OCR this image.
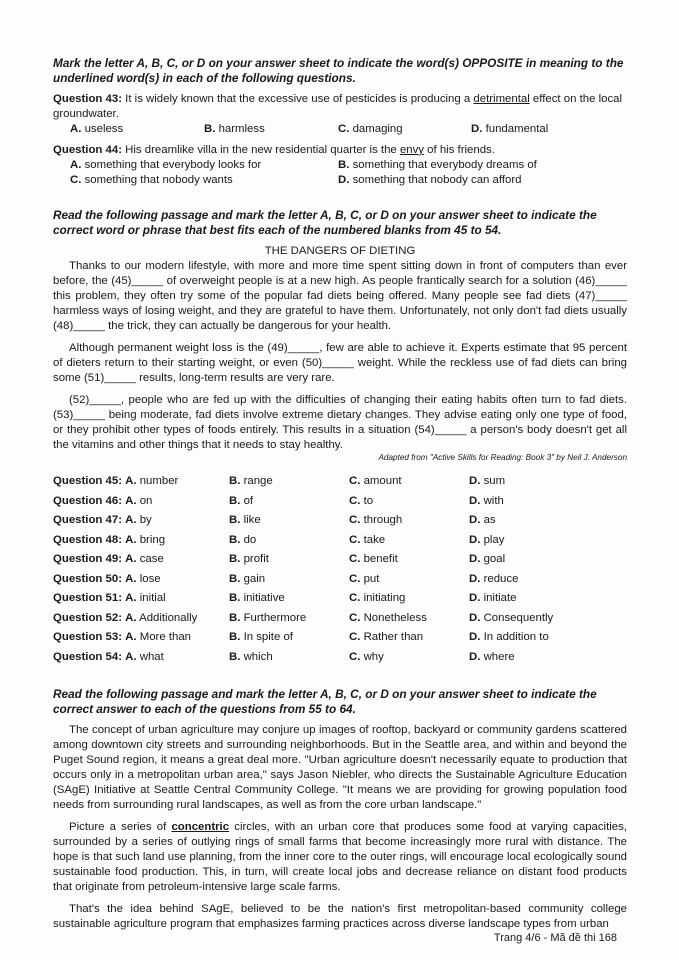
Mark the letter A, B, C, or D on your answer sheet to indicate the word(s) OPPOSITE in meaning to the underlined word(s) in each of the following questions.

Question 43: It is widely known that the excessive use of pesticides is producing a detrimental effect on the local groundwater.

A. useless	B. harmless	C. damaging	D. fundamental

Question 44: His dreamlike villa in the new residential quarter is the envy of his friends.

A. something that everybody looks for	B. something that everybody dreams of
C. something that nobody wants	D. something that nobody can afford

Read the following passage and mark the letter A, B, C, or D on your answer sheet to indicate the correct word or phrase that best fits each of the numbered blanks from 45 to 54.

THE DANGERS OF DIETING

Thanks to our modern lifestyle, with more and more time spent sitting down in front of computers than ever before, the (45)_____ of overweight people is at a new high. As people frantically search for a solution (46)_____ this problem, they often try some of the popular fad diets being offered. Many people see fad diets (47)_____ harmless ways of losing weight, and they are grateful to have them. Unfortunately, not only don't fad diets usually (48)_____ the trick, they can actually be dangerous for your health.

Although permanent weight loss is the (49)_____, few are able to achieve it. Experts estimate that 95 percent of dieters return to their starting weight, or even (50)_____ weight. While the reckless use of fad diets can bring some (51)_____ results, long-term results are very rare.

(52)_____, people who are fed up with the difficulties of changing their eating habits often turn to fad diets. (53)_____ being moderate, fad diets involve extreme dietary changes. They advise eating only one type of food, or they prohibit other types of foods entirely. This results in a situation (54)_____ a person's body doesn't get all the vitamins and other things that it needs to stay healthy.

Adapted from "Active Skills for Reading: Book 3" by Neil J. Anderson

Question 45: A. number	B. range	C. amount	D. sum
Question 46: A. on	B. of	C. to	D. with
Question 47: A. by	B. like	C. through	D. as
Question 48: A. bring	B. do	C. take	D. play
Question 49: A. case	B. profit	C. benefit	D. goal
Question 50: A. lose	B. gain	C. put	D. reduce
Question 51: A. initial	B. initiative	C. initiating	D. initiate
Question 52: A. Additionally	B. Furthermore	C. Nonetheless	D. Consequently
Question 53: A. More than	B. In spite of	C. Rather than	D. In addition to
Question 54: A. what	B. which	C. why	D. where

Read the following passage and mark the letter A, B, C, or D on your answer sheet to indicate the correct answer to each of the questions from 55 to 64.

The concept of urban agriculture may conjure up images of rooftop, backyard or community gardens scattered among downtown city streets and surrounding neighborhoods. But in the Seattle area, and within and beyond the Puget Sound region, it means a great deal more. "Urban agriculture doesn't necessarily equate to production that occurs only in a metropolitan urban area," says Jason Niebler, who directs the Sustainable Agriculture Education (SAgE) Initiative at Seattle Central Community College. "It means we are providing for growing population food needs from surrounding rural landscapes, as well as from the core urban landscape."

Picture a series of concentric circles, with an urban core that produces some food at varying capacities, surrounded by a series of outlying rings of small farms that become increasingly more rural with distance. The hope is that such land use planning, from the inner core to the outer rings, will encourage local ecologically sound sustainable food production. This, in turn, will create local jobs and decrease reliance on distant food products that originate from petroleum-intensive large scale farms.

That's the idea behind SAgE, believed to be the nation's first metropolitan-based community college sustainable agriculture program that emphasizes farming practices across diverse landscape types from urban

Trang 4/6 - Mã đề thi 168
